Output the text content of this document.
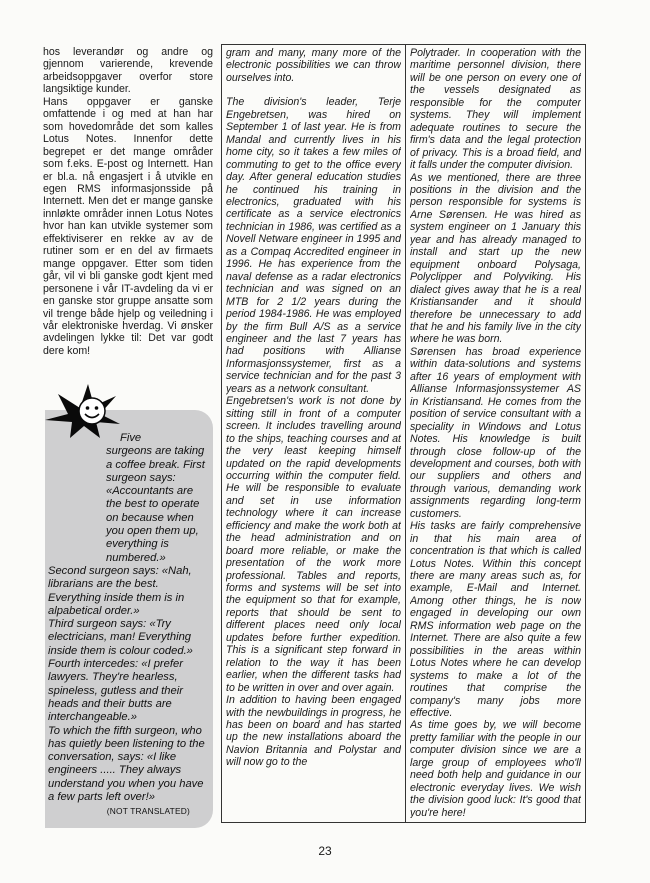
hos leverandør og andre og gjennom varierende, krevende arbeidsoppgaver overfor store langsiktige kunder.

Hans oppgaver er ganske omfattende i og med at han har som hovedområde det som kalles Lotus Notes. Innenfor dette begrepet er det mange områder som f.eks. E-post og Internett. Han er bl.a. nå engasjert i å utvikle en egen RMS informasjonsside på Internett. Men det er mange ganske innløkte områder innen Lotus Notes hvor han kan utvikle systemer som effektiviserer en rekke av av de rutiner som er en del av firmaets mange oppgaver. Etter som tiden går, vil vi bli ganske godt kjent med personene i vår IT-avdeling da vi er en ganske stor gruppe ansatte som vil trenge både hjelp og veiledning i vår elektroniske hverdag. Vi ønsker avdelingen lykke til: Det var godt dere kom!

Five

surgeons are taking a coffee break. First surgeon says: «Accountants are the best to operate on because when you open them up, everything is numbered.»

Second surgeon says: «Nah, librarians are the best. Everything inside them is in alpabetical order.»

Third surgeon says: «Try electricians, man! Everything inside them is colour coded.»

Fourth intercedes: «I prefer lawyers. They're hearless, spineless, gutless and their heads and their butts are interchangeable.»

To which the fifth surgeon, who has quietly been listening to the conversation, says: «I like engineers ..... They always understand you when you have a few parts left over!»

(NOT TRANSLATED)

gram and many, many more of the electronic possibilities we can throw ourselves into.

The division's leader, Terje Engebretsen, was hired on September 1 of last year. He is from Mandal and currently lives in his home city, so it takes a few miles of commuting to get to the office every day. After general education studies he continued his training in electronics, graduated with his certificate as a service electronics technician in 1986, was certified as a Novell Netware engineer in 1995 and as a Compaq Accredited engineer in 1996. He has experience from the naval defense as a radar electronics technician and was signed on an MTB for 2 1/2 years during the period 1984-1986. He was employed by the firm Bull A/S as a service engineer and the last 7 years has had positions with Allianse Informasjonssystemer, first as a service technician and for the past 3 years as a network consultant.

Engebretsen's work is not done by sitting still in front of a computer screen. It includes travelling around to the ships, teaching courses and at the very least keeping himself updated on the rapid developments occurring within the computer field. He will be responsible to evaluate and set in use information technology where it can increase efficiency and make the work both at the head administration and on board more reliable, or make the presentation of the work more professional. Tables and reports, forms and systems will be set into the equipment so that for example, reports that should be sent to different places need only local updates before further expedition. This is a significant step forward in relation to the way it has been earlier, when the different tasks had to be written in over and over again.

In addition to having been engaged with the newbuildings in progress, he has been on board and has started up the new installations aboard the Navion Britannia and Polystar and will now go to the

Polytrader. In cooperation with the maritime personnel division, there will be one person on every one of the vessels designated as responsible for the computer systems. They will implement adequate routines to secure the firm's data and the legal protection of privacy. This is a broad field, and it falls under the computer division.

As we mentioned, there are three positions in the division and the person responsible for systems is Arne Sørensen. He was hired as system engineer on 1 January this year and has already managed to install and start up the new equipment onboard Polysaga, Polyclipper and Polyviking. His dialect gives away that he is a real Kristiansander and it should therefore be unnecessary to add that he and his family live in the city where he was born.

Sørensen has broad experience within data-solutions and systems after 16 years of employment with Allianse Informasjonssystemer AS in Kristiansand. He comes from the position of service consultant with a speciality in Windows and Lotus Notes. His knowledge is built through close follow-up of the development and courses, both with our suppliers and others and through various, demanding work assignments regarding long-term customers.

His tasks are fairly comprehensive in that his main area of concentration is that which is called Lotus Notes. Within this concept there are many areas such as, for example, E-Mail and Internet. Among other things, he is now engaged in developing our own RMS information web page on the Internet. There are also quite a few possibilities in the areas within Lotus Notes where he can develop systems to make a lot of the routines that comprise the company's many jobs more effective.

As time goes by, we will become pretty familiar with the people in our computer division since we are a large group of employees who'll need both help and guidance in our electronic everyday lives. We wish the division good luck: It's good that you're here!

23
